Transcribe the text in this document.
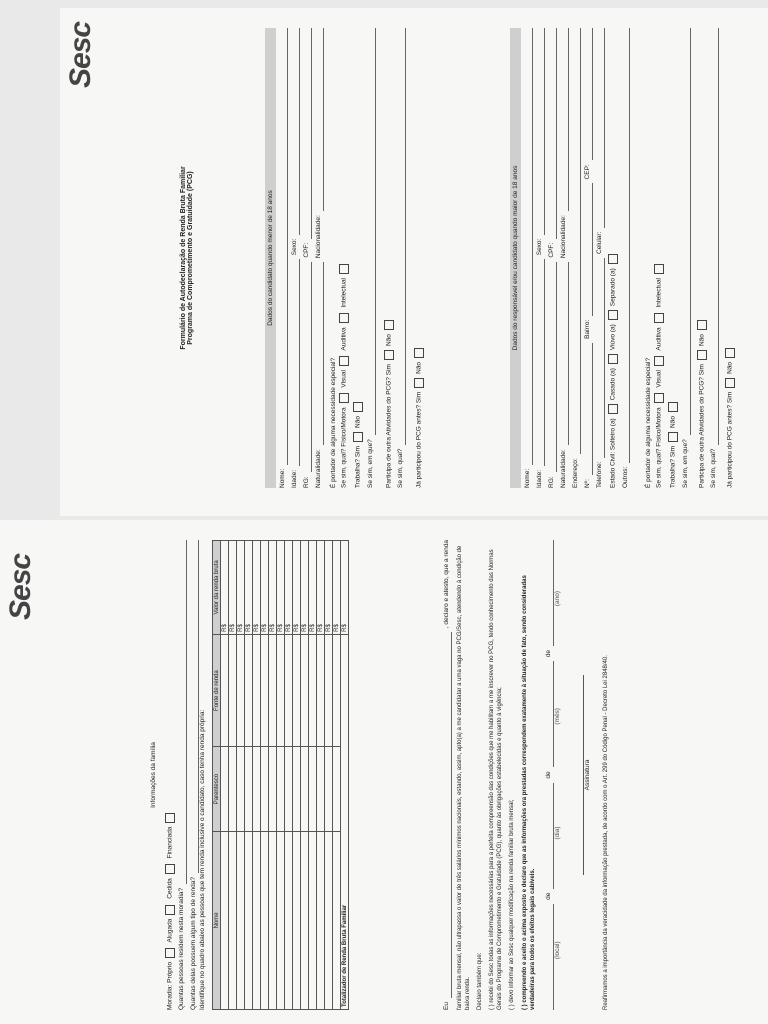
Sesc
Formulário de Autodeclaração de Renda Bruta Familiar Programa de Comprometimento e Gratuidade (PCG)	Dados do candidato quando menor de 18 anos
Nome: Idade:
Sexo:
RG:
CPF:
Naturalidade:
Nacionalidade:
É portador de alguma necessidade especial? Se sim, qual? Físico/Motora Visual Auditiva Intelectual
Trabalha? SimNão
Se sim, em que? Participa de outra Atividades do PCG? SimNão
Se sim, qual? Já participou do PCG antes? SimNão
Dados do responsável e/ou candidato quando maior de 18 anos
Nome: Idade:
Sexo:
RG:
CPF:
Naturalidade:
Nacionalidade:
Endereço: Nº:
Bairro:
CEP:
Telefone:
Celular:
Estado Civil: Solteiro (a)Casado (a)Viúvo (a)Separado (a)
Outros:	É portador de alguma necessidade especial? Se sim, qual? Físico/Motora Visual Auditiva Intelectual
Trabalha? SimNão
Se sim, em que? Participa de outra Atividades do PCG? SimNão
Se sim, qual? Já participou do PCG antes? SimNão
Sesc
Informações da família
Moradia: Próprio Alugada Cedida Financiada
Quantas pessoas residem nesta moradia? Quantas delas possuem algum tipo de renda? Identifique no quadro abaixo as pessoas que tem renda inclusive o candidato, caso tenha renda própria: Nome	Parentesco	Fonte de renda	Valor da renda bruta
			R$
			R$
			R$
			R$
			R$
			R$
			R$
			R$
			R$
			R$
			R$
			R$
			R$
			R$
			R$
Totalizador de Renda Bruta Familiar			R$
Eu
, declaro e atesto, que a renda familiar bruta mensal, não ultrapassa o valor de três salários mínimos nacionais, estando, assim, apto(a) a me candidatar a uma vaga no PCG/Sesc, atendendo à condição de baixa renda. Declaro também que: ( ) recebi do Sesc todas as informações necessárias para a perfeita compreensão das condições que me habilitam a me inscrever no PCG, tendo conhecimento das Normas Gerais do Programa de Comprometimento e Gratuidade (PCG), quanto às obrigações estabelecidas e quanto à vigência; ( ) devo informar ao Sesc qualquer modificação na renda familiar bruta mensal; ( ) compreendo e aceito o acima exposto e declaro que as informações ora prestadas correspondem exatamente à situação de fato, sendo consideradas verdadeiras para todos os efeitos legais cabíveis. de
de
de
(local)
(dia)
(mês)
(ano)
Assinatura Reafirmamos a importância da veracidade da informação prestada, de acordo com o Art. 299 do Código Penal - Decreto Lei 2848/40.
